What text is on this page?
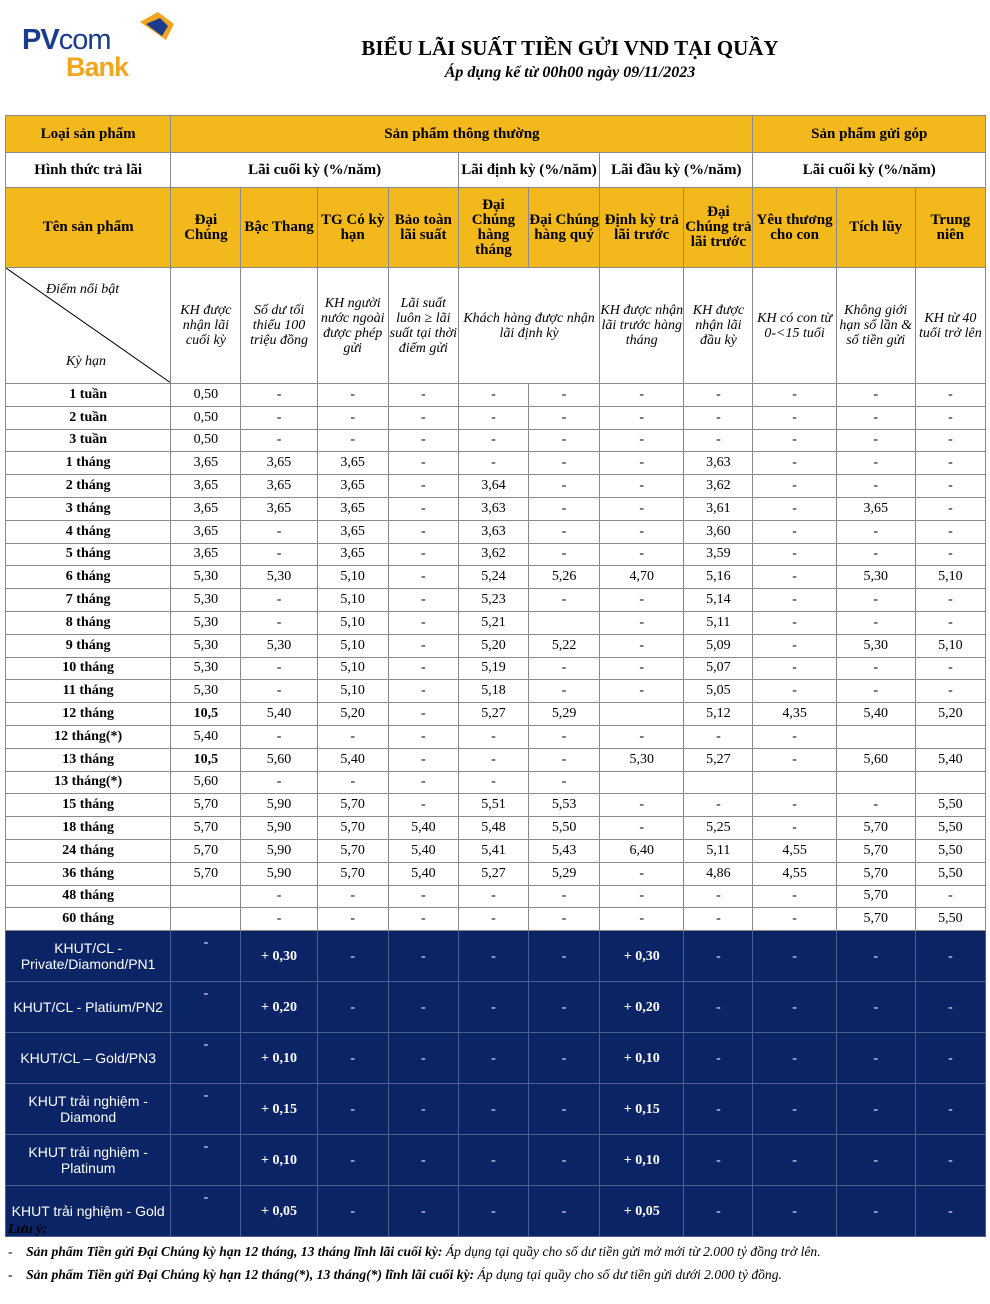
PVcom
Bank
BIỂU LÃI SUẤT TIỀN GỬI VND TẠI QUẦY
Áp dụng kể từ 00h00 ngày 09/11/2023
Loại sản phẩm	Sản phẩm thông thường								Sản phẩm gửi góp		
Hình thức trả lãi	Lãi cuối kỳ (%/năm)				Lãi định kỳ (%/năm)		Lãi đầu kỳ (%/năm)		Lãi cuối kỳ (%/năm)		
Tên sản phẩm	Đại Chúng	Bậc Thang	TG Có kỳ hạn	Bảo toàn lãi suất	Đại Chúng hàng tháng	Đại Chúng hàng quý	Định kỳ trả lãi trước	Đại Chúng trả lãi trước	Yêu thương cho con	Tích lũy	Trung niên

Điểm nổi bật
Kỳ hạn	KH được nhận lãi cuối kỳ	Số dư tối thiểu 100 triệu đồng	KH người nước ngoài được phép gửi	Lãi suất luôn ≥ lãi suất tại thời điểm gửi	Khách hàng được nhận lãi định kỳ		KH được nhận lãi trước hàng tháng	KH được nhận lãi đầu kỳ	KH có con từ 0-<15 tuổi	Không giới hạn số lần & số tiền gửi	KH từ 40 tuổi trở lên
1 tuần	0,50	-	-	-	-	-	-	-	-	-	-
2 tuần	0,50	-	-	-	-	-	-	-	-	-	-
3 tuần	0,50	-	-	-	-	-	-	-	-	-	-
1 tháng	3,65	3,65	3,65	-	-	-	-	3,63	-	-	-
2 tháng	3,65	3,65	3,65	-	3,64	-	-	3,62	-	-	-
3 tháng	3,65	3,65	3,65	-	3,63	-	-	3,61	-	3,65	-
4 tháng	3,65	-	3,65	-	3,63	-	-	3,60	-	-	-
5 tháng	3,65	-	3,65	-	3,62	-	-	3,59	-	-	-
6 tháng	5,30	5,30	5,10	-	5,24	5,26	4,70	5,16	-	5,30	5,10
7 tháng	5,30	-	5,10	-	5,23	-	-	5,14	-	-	-
8 tháng	5,30	-	5,10	-	5,21		-	5,11	-	-	-
9 tháng	5,30	5,30	5,10	-	5,20	5,22	-	5,09	-	5,30	5,10
10 tháng	5,30	-	5,10	-	5,19	-	-	5,07	-	-	-
11 tháng	5,30	-	5,10	-	5,18	-	-	5,05	-	-	-
12 tháng	10,5	5,40	5,20	-	5,27	5,29		5,12	4,35	5,40	5,20
12 tháng(*)	5,40	-	-	-	-	-	-	-	-		
13 tháng	10,5	5,60	5,40	-	-	-	5,30	5,27	-	5,60	5,40
13 tháng(*)	5,60	-	-	-	-	-					
15 tháng	5,70	5,90	5,70	-	5,51	5,53	-	-	-	-	5,50
18 tháng	5,70	5,90	5,70	5,40	5,48	5,50	-	5,25	-	5,70	5,50
24 tháng	5,70	5,90	5,70	5,40	5,41	5,43	6,40	5,11	4,55	5,70	5,50
36 tháng	5,70	5,90	5,70	5,40	5,27	5,29	-	4,86	4,55	5,70	5,50
48 tháng		-	-	-	-	-	-	-	-	5,70	-
60 tháng		-	-	-	-	-	-	-	-	5,70	5,50
KHUT/CL - Private/Diamond/PN1	-	+ 0,30	-	-	-	-	+ 0,30	-	-	-	-
KHUT/CL - Platium/PN2	-	+ 0,20	-	-	-	-	+ 0,20	-	-	-	-
KHUT/CL – Gold/PN3	-	+ 0,10	-	-	-	-	+ 0,10	-	-	-	-
KHUT trải nghiệm - Diamond	-	+ 0,15	-	-	-	-	+ 0,15	-	-	-	-
KHUT trải nghiệm - Platinum	-	+ 0,10	-	-	-	-	+ 0,10	-	-	-	-
KHUT trải nghiệm - Gold	-	+ 0,05	-	-	-	-	+ 0,05	-	-	-	-
Lưu ý:
- Sản phẩm Tiền gửi Đại Chúng kỳ hạn 12 tháng, 13 tháng lĩnh lãi cuối kỳ: Áp dụng tại quầy cho số dư tiền gửi mở mới từ 2.000 tỷ đồng trở lên.
- Sản phẩm Tiền gửi Đại Chúng kỳ hạn 12 tháng(*), 13 tháng(*) lĩnh lãi cuối kỳ: Áp dụng tại quầy cho số dư tiền gửi dưới 2.000 tỷ đồng.
